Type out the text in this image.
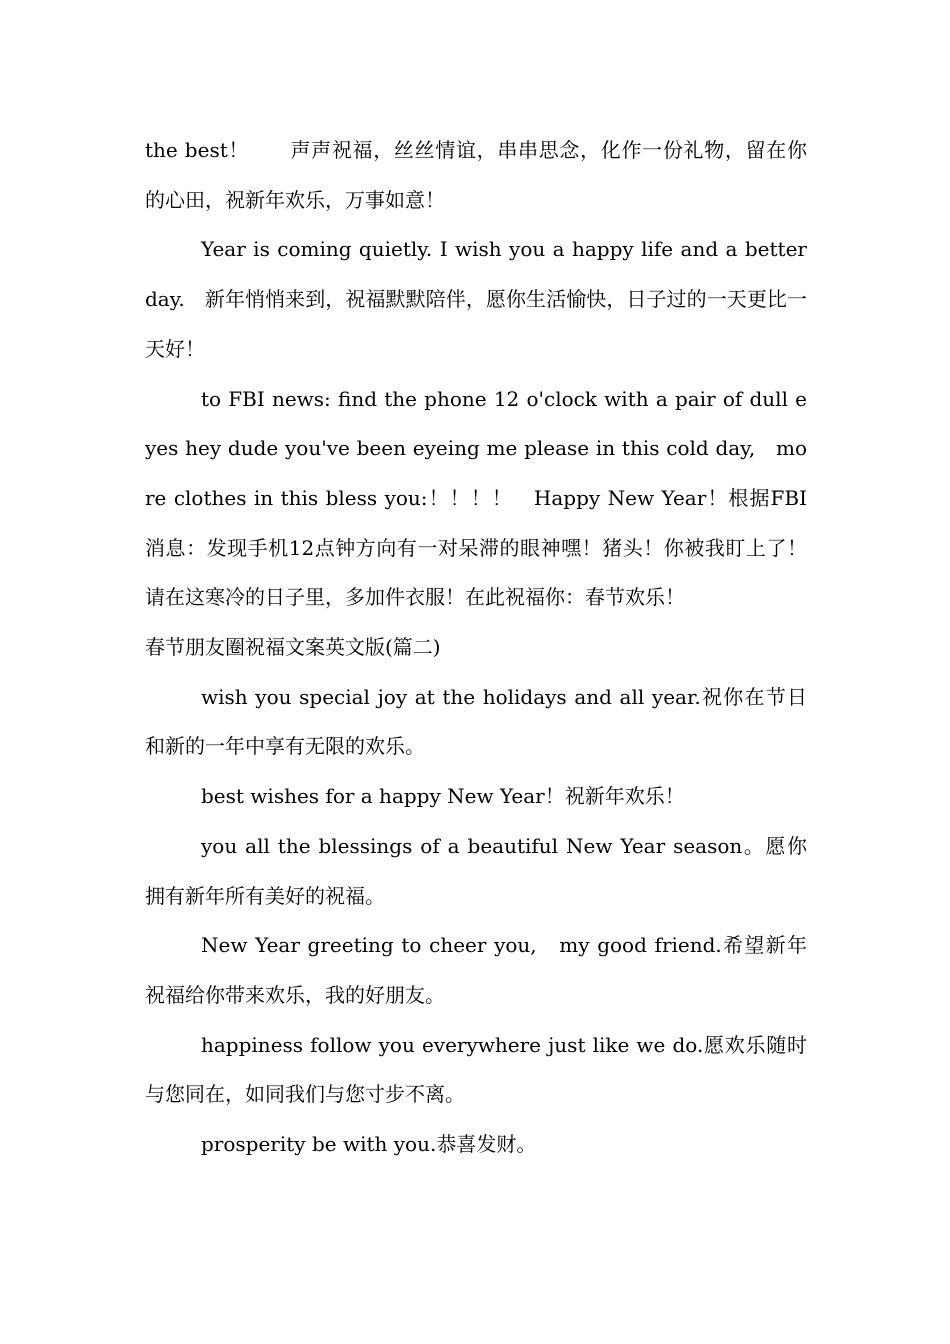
the best！　　声声祝福，丝丝情谊，串串思念，化作一份礼物，留在你的心田，祝新年欢乐，万事如意！

Year is coming quietly. I wish you a happy life and a better day.　新年悄悄来到，祝福默默陪伴，愿你生活愉快，日子过的一天更比一天好！

to FBI news: find the phone 12 o'clock with a pair of dull eyes hey dude you've been eyeing me please in this cold day,　more clothes in this bless you:！！！！　Happy New Year！根据FBI消息：发现手机12点钟方向有一对呆滞的眼神嘿！猪头！你被我盯上了！请在这寒冷的日子里，多加件衣服！在此祝福你：春节欢乐！

春节朋友圈祝福文案英文版(篇二)

wish you special joy at the holidays and all year.祝你在节日和新的一年中享有无限的欢乐。

best wishes for a happy New Year！祝新年欢乐！

you all the blessings of a beautiful New Year season。愿你拥有新年所有美好的祝福。

New Year greeting to cheer you,　my good friend.希望新年祝福给你带来欢乐，我的好朋友。

happiness follow you everywhere just like we do.愿欢乐随时与您同在，如同我们与您寸步不离。

prosperity be with you.恭喜发财。
